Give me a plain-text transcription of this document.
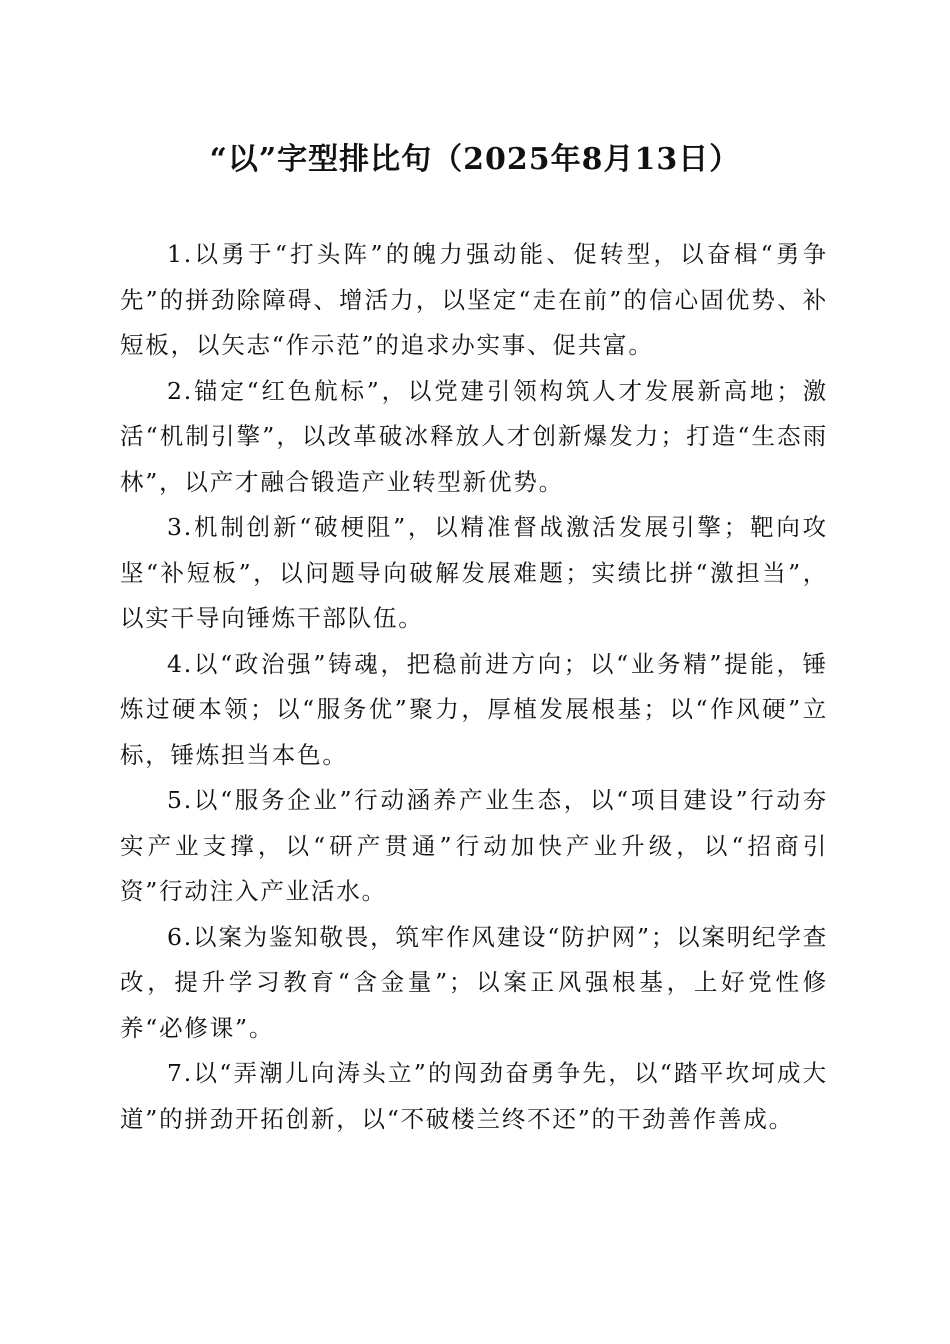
“以”字型排比句（2025年8月13日）

1.以勇于“打头阵”的魄力强动能、促转型，以奋楫“勇争先”的拼劲除障碍、增活力，以坚定“走在前”的信心固优势、补短板，以矢志“作示范”的追求办实事、促共富。

2.锚定“红色航标”，以党建引领构筑人才发展新高地；激活“机制引擎”，以改革破冰释放人才创新爆发力；打造“生态雨林”，以产才融合锻造产业转型新优势。

3.机制创新“破梗阻”，以精准督战激活发展引擎；靶向攻坚“补短板”，以问题导向破解发展难题；实绩比拼“激担当”，以实干导向锤炼干部队伍。

4.以“政治强”铸魂，把稳前进方向；以“业务精”提能，锤炼过硬本领；以“服务优”聚力，厚植发展根基；以“作风硬”立标，锤炼担当本色。

5.以“服务企业”行动涵养产业生态，以“项目建设”行动夯实产业支撑，以“研产贯通”行动加快产业升级，以“招商引资”行动注入产业活水。

6.以案为鉴知敬畏，筑牢作风建设“防护网”；以案明纪学查改，提升学习教育“含金量”；以案正风强根基，上好党性修养“必修课”。

7.以“弄潮儿向涛头立”的闯劲奋勇争先，以“踏平坎坷成大道”的拼劲开拓创新，以“不破楼兰终不还”的干劲善作善成。
